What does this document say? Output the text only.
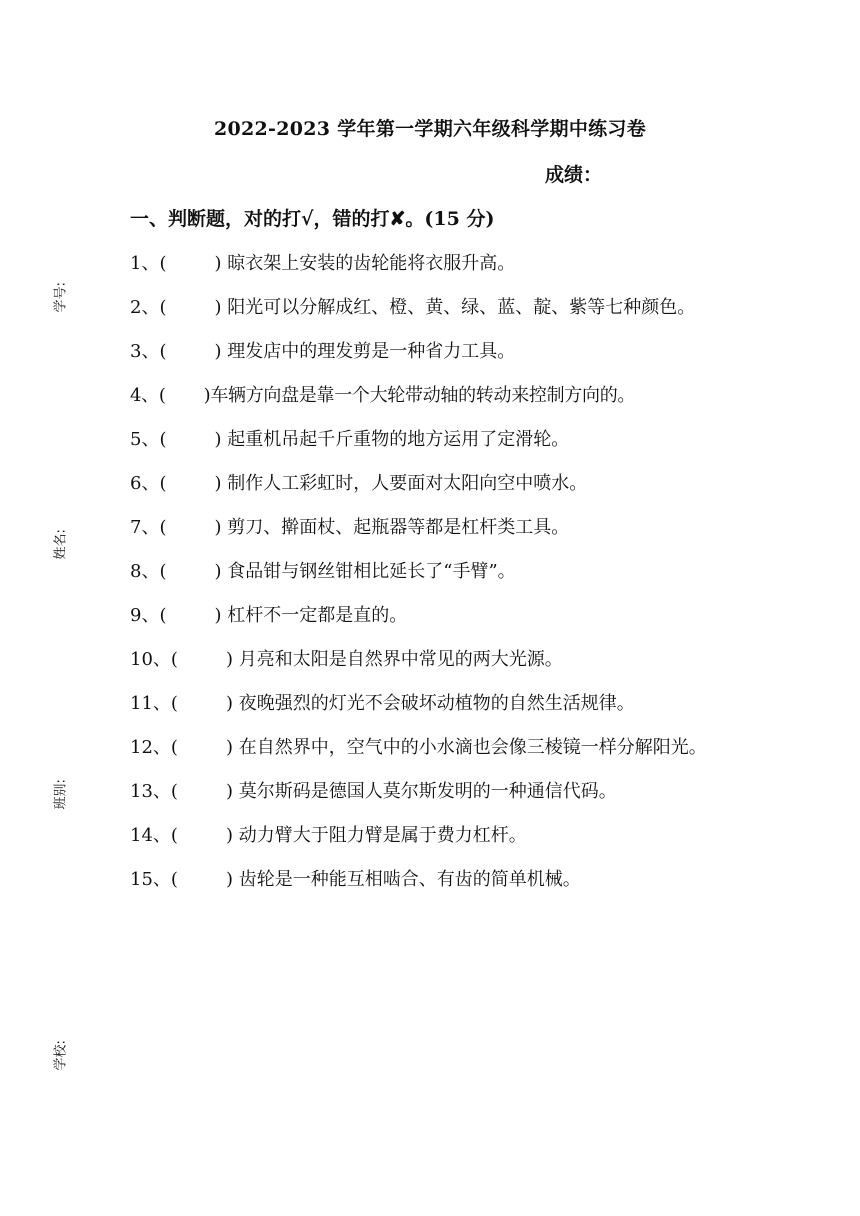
学号:
姓名:
班别:
学校:
2022-2023 学年第一学期六年级科学期中练习卷
成绩：
一、判断题，对的打√，错的打✘。(15 分)

1、(	) 晾衣架上安装的齿轮能将衣服升高。

2、(	) 阳光可以分解成红、橙、黄、绿、蓝、靛、紫等七种颜色。

3、(	) 理发店中的理发剪是一种省力工具。

4、( )车辆方向盘是靠一个大轮带动轴的转动来控制方向的。

5、(	) 起重机吊起千斤重物的地方运用了定滑轮。

6、(	) 制作人工彩虹时，人要面对太阳向空中喷水。

7、(	) 剪刀、擀面杖、起瓶器等都是杠杆类工具。

8、(	) 食品钳与钢丝钳相比延长了“手臂”。

9、(	) 杠杆不一定都是直的。

10、(	) 月亮和太阳是自然界中常见的两大光源。

11、(	) 夜晚强烈的灯光不会破坏动植物的自然生活规律。

12、(	) 在自然界中，空气中的小水滴也会像三棱镜一样分解阳光。

13、(	) 莫尔斯码是德国人莫尔斯发明的一种通信代码。

14、(	) 动力臂大于阻力臂是属于费力杠杆。

15、(	) 齿轮是一种能互相啮合、有齿的简单机械。
